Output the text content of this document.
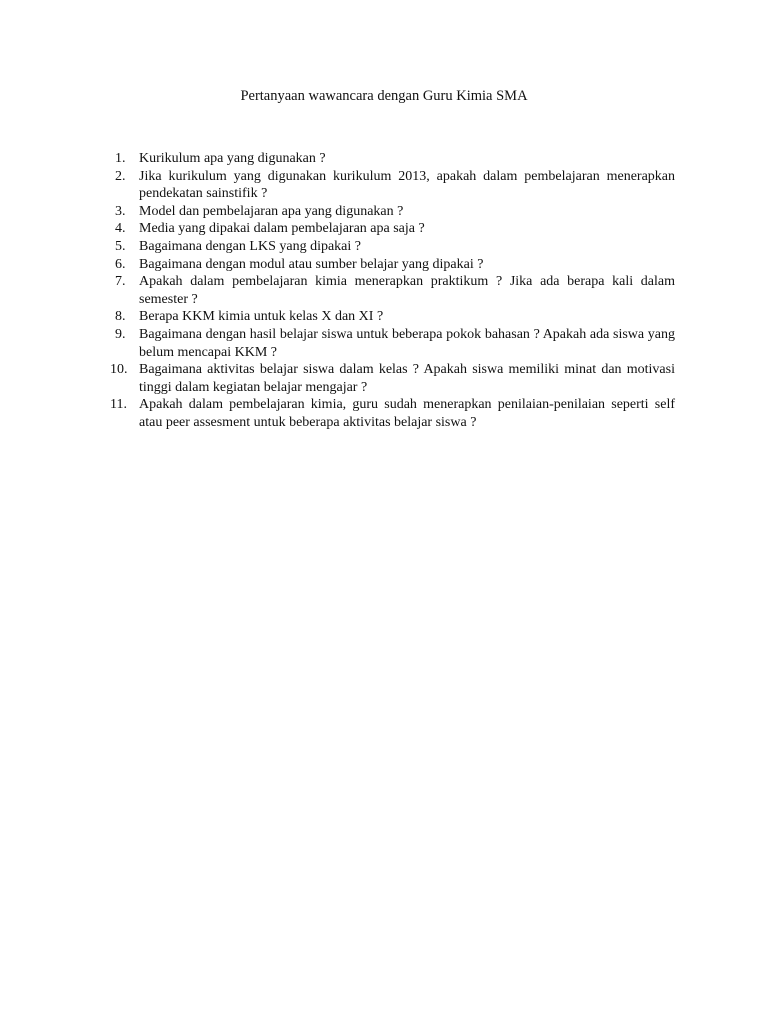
Pertanyaan wawancara dengan Guru Kimia SMA
1. Kurikulum apa yang digunakan ?
2. Jika kurikulum yang digunakan kurikulum 2013, apakah dalam pembelajaran menerapkan pendekatan sainstifik ?
3. Model dan pembelajaran apa yang digunakan ?
4. Media yang dipakai dalam pembelajaran apa saja ?
5. Bagaimana dengan LKS yang dipakai ?
6. Bagaimana dengan modul atau sumber belajar yang dipakai ?
7. Apakah dalam pembelajaran kimia menerapkan praktikum ? Jika ada berapa kali dalam semester ?
8. Berapa KKM kimia untuk kelas X dan XI ?
9. Bagaimana dengan hasil belajar siswa untuk beberapa pokok bahasan ? Apakah ada siswa yang belum mencapai KKM ?
10. Bagaimana aktivitas belajar siswa dalam kelas ? Apakah siswa memiliki minat dan motivasi tinggi dalam kegiatan belajar mengajar ?
11. Apakah dalam pembelajaran kimia, guru sudah menerapkan penilaian-penilaian seperti self atau peer assesment untuk beberapa aktivitas belajar siswa ?
